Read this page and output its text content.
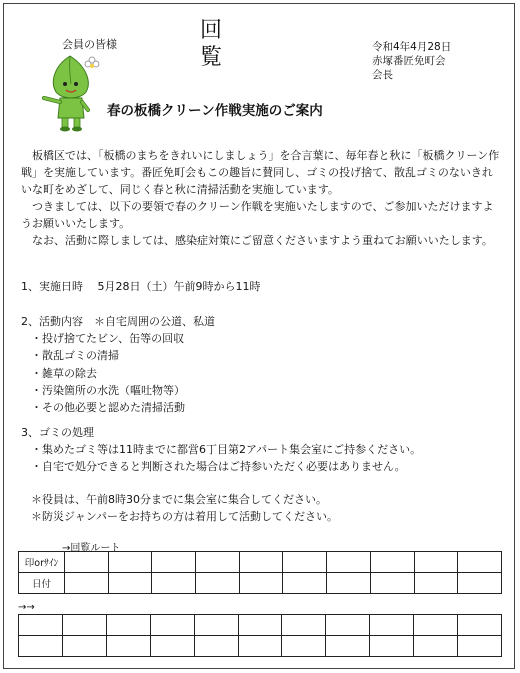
会員の皆様
回
覧	令和4年4月28日
赤塚番匠免町会
会長
春の板橋クリーン作戦実施のご案内

板橋区では、「板橋のまちをきれいにしましょう」を合言葉に、毎年春と秋に「板橋クリーン作戦」を実施しています。番匠免町会もこの趣旨に賛同し、ゴミの投げ捨て、散乱ゴミのないきれいな町をめざして、同じく春と秋に清掃活動を実施しています。

つきましては、以下の要領で春のクリーン作戦を実施いたしますので、ご参加いただけますようお願いいたします。

なお、活動に際しましては、感染症対策にご留意くださいますよう重ねてお願いいたします。

1、実施日時　 5月28日（土）午前9時から11時
2、活動内容　＊自宅周囲の公道、私道
・投げ捨てたビン、缶等の回収
・散乱ゴミの清掃
・雑草の除去
・汚染箇所の水洗（嘔吐物等）
・その他必要と認めた清掃活動
3、ゴミの処理
・集めたゴミ等は11時までに都営6丁目第2アパート集会室にご持参ください。
・自宅で処分できると判断された場合はご持参いただく必要はありません。
＊役員は、午前8時30分までに集会室に集合してください。
＊防災ジャンパーをお持ちの方は着用して活動してください。
→回覧ルート
印orｻｲﾝ										
日付										
→→
